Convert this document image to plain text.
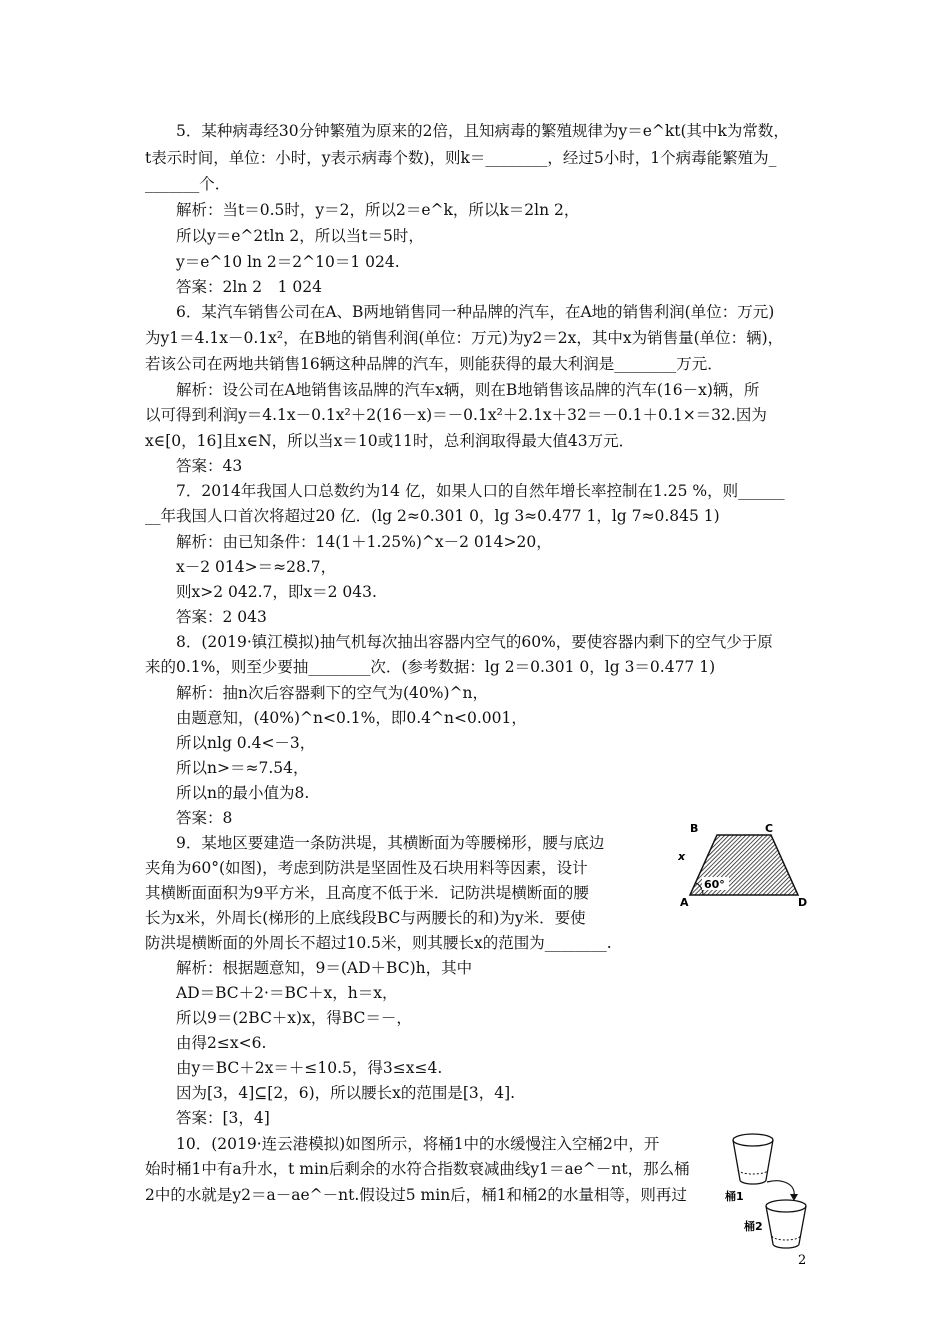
5．某种病毒经30分钟繁殖为原来的2倍，且知病毒的繁殖规律为y＝e^kt(其中k为常数，
t表示时间，单位：小时，y表示病毒个数)，则k＝________，经过5小时，1个病毒能繁殖为_
_______个．
解析：当t＝0.5时，y＝2，所以2＝e^k，所以k＝2ln 2，
所以y＝e^2tln 2，所以当t＝5时，
y＝e^10 ln 2＝2^10＝1 024.
答案：2ln 2　1 024
6．某汽车销售公司在A、B两地销售同一种品牌的汽车，在A地的销售利润(单位：万元)
为y1＝4.1x－0.1x²，在B地的销售利润(单位：万元)为y2＝2x，其中x为销售量(单位：辆)，
若该公司在两地共销售16辆这种品牌的汽车，则能获得的最大利润是________万元．
解析：设公司在A地销售该品牌的汽车x辆，则在B地销售该品牌的汽车(16－x)辆，所
以可得到利润y＝4.1x－0.1x²＋2(16－x)＝－0.1x²＋2.1x＋32＝－0.1＋0.1×＝32.因为
x∈[0，16]且x∈N，所以当x＝10或11时，总利润取得最大值43万元．
答案：43
7．2014年我国人口总数约为14 亿，如果人口的自然年增长率控制在1.25 %，则______
__年我国人口首次将超过20 亿．(lg 2≈0.301 0，lg 3≈0.477 1，lg 7≈0.845 1)
解析：由已知条件：14(1＋1.25%)^x－2 014>20，
x－2 014>＝≈28.7，
则x>2 042.7，即x＝2 043.
答案：2 043
8．(2019·镇江模拟)抽气机每次抽出容器内空气的60%，要使容器内剩下的空气少于原
来的0.1%，则至少要抽________次．(参考数据：lg 2＝0.301 0，lg 3＝0.477 1)
解析：抽n次后容器剩下的空气为(40%)^n，
由题意知，(40%)^n<0.1%，即0.4^n<0.001，
所以nlg 0.4<－3，
所以n>＝≈7.54，
所以n的最小值为8.
答案：8
9．某地区要建造一条防洪堤，其横断面为等腰梯形，腰与底边
夹角为60°(如图)，考虑到防洪是坚固性及石块用料等因素，设计
其横断面面积为9平方米，且高度不低于米．记防洪堤横断面的腰
长为x米，外周长(梯形的上底线段BC与两腰长的和)为y米．要使
防洪堤横断面的外周长不超过10.5米，则其腰长x的范围为________.
解析：根据题意知，9＝(AD＋BC)h，其中
AD＝BC＋2·＝BC＋x，h＝x，
所以9＝(2BC＋x)x，得BC＝－，
由得2≤x<6.
由y＝BC＋2x＝＋≤10.5，得3≤x≤4.
因为[3，4]⊆[2，6)，所以腰长x的范围是[3，4].
答案：[3，4]
10．(2019·连云港模拟)如图所示，将桶1中的水缓慢注入空桶2中，开
始时桶1中有a升水，t min后剩余的水符合指数衰减曲线y1＝ae^－nt，那么桶
2中的水就是y2＝a－ae^－nt.假设过5 min后，桶1和桶2的水量相等，则再过
B	C
A	D
x
60°
桶1
桶2
2
